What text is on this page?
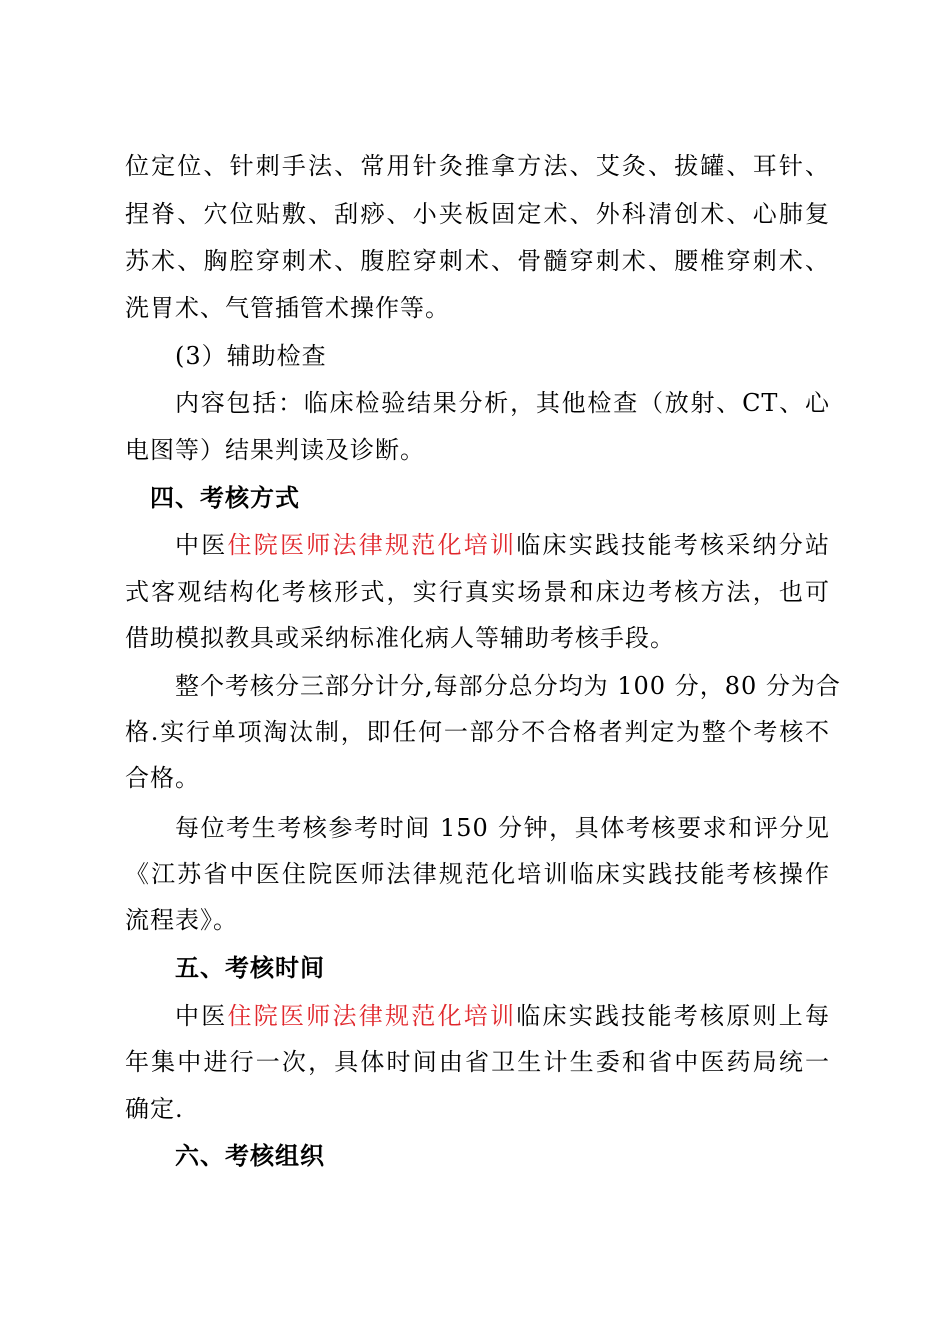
位定位、针刺手法、常用针灸推拿方法、艾灸、拔罐、耳针、
捏脊、穴位贴敷、刮痧、小夹板固定术、外科清创术、心肺复
苏术、胸腔穿刺术、腹腔穿刺术、骨髓穿刺术、腰椎穿刺术、
洗胃术、气管插管术操作等。
(3）辅助检查
内容包括：临床检验结果分析，其他检查（放射、CT、心
电图等）结果判读及诊断。
四、考核方式
中医住院医师法律规范化培训临床实践技能考核采纳分站
式客观结构化考核形式，实行真实场景和床边考核方法，也可
借助模拟教具或采纳标准化病人等辅助考核手段。
整个考核分三部分计分,每部分总分均为 100 分，80 分为合
格.实行单项淘汰制，即任何一部分不合格者判定为整个考核不
合格。
每位考生考核参考时间 150 分钟，具体考核要求和评分见
《江苏省中医住院医师法律规范化培训临床实践技能考核操作
流程表》。
五、考核时间
中医住院医师法律规范化培训临床实践技能考核原则上每
年集中进行一次，具体时间由省卫生计生委和省中医药局统一
确定.
六、考核组织
